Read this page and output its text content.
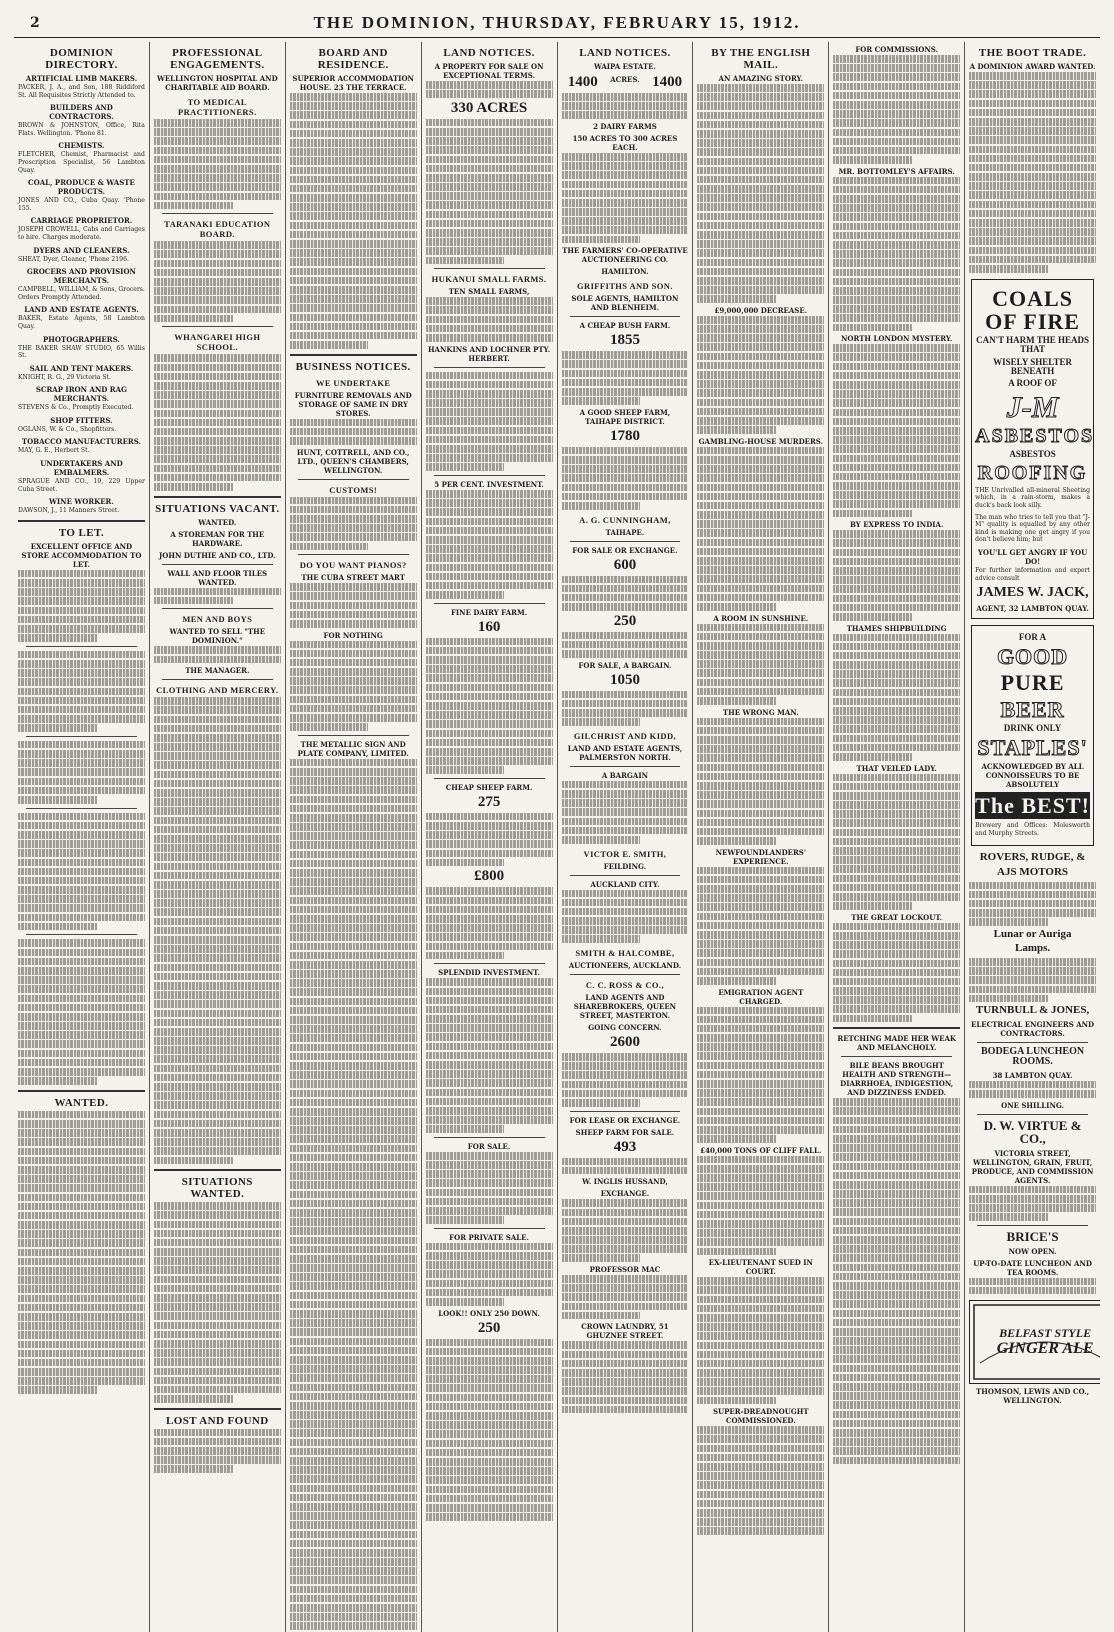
2	THE DOMINION, THURSDAY, FEBRUARY 15, 1912.
DOMINION DIRECTORY.
ARTIFICIAL LIMB MAKERS.

PACKER, J. A., and Son, 188 Riddiford St. All Requisites Strictly Attended to.

BUILDERS AND CONTRACTORS.

BROWN & JOHNSTON, Office, Rita Flats. Wellington. 'Phone 81.

CHEMISTS.

FLETCHER, Chemist, Pharmacist and Prescription Specialist, 56 Lambton Quay.

COAL, PRODUCE & WASTE PRODUCTS.

JONES AND CO., Cuba Quay. 'Phone 155.

CARRIAGE PROPRIETOR.

JOSEPH CROWELL, Cabs and Carriages to hire. Charges moderate.

DYERS AND CLEANERS.

SHEAT, Dyer, Cleaner, 'Phone 2196.

GROCERS AND PROVISION MERCHANTS.

CAMPBELL, WILLIAM, & Sons, Grocers. Orders Promptly Attended.

LAND AND ESTATE AGENTS.

BAKER, Estate Agents, 58 Lambton Quay.

PHOTOGRAPHERS.

THE BAKER SHAW STUDIO, 65 Willis St.

SAIL AND TENT MAKERS.

KNIGHT, R. G., 29 Victoria St.

SCRAP IRON AND RAG MERCHANTS.

STEVENS & Co., Promptly Executed.

SHOP FITTERS.

OGLANS, W. & Co., Shopfitters.

TOBACCO MANUFACTURERS.

MAY, G. E., Herbert St.

UNDERTAKERS AND EMBALMERS.

SPRAGUE AND CO., 19, 229 Upper Cuba Street.

WINE WORKER.

DAWSON, J., 11 Manners Street.

TO LET.
EXCELLENT OFFICE AND STORE ACCOMMODATION TO LET.
WANTED.
PROFESSIONAL ENGAGEMENTS.
WELLINGTON HOSPITAL AND CHARITABLE AID BOARD.
TO MEDICAL PRACTITIONERS.
TARANAKI EDUCATION BOARD.
WHANGAREI HIGH SCHOOL.
SITUATIONS VACANT.
WANTED.
A STOREMAN FOR THE HARDWARE.
JOHN DUTHIE AND CO., LTD.
WALL AND FLOOR TILES WANTED.
MEN AND BOYS
WANTED TO SELL "THE DOMINION."
THE MANAGER.
CLOTHING AND MERCERY.
SITUATIONS WANTED.
LOST AND FOUND
BOARD AND RESIDENCE.
SUPERIOR ACCOMMODATION HOUSE. 23 THE TERRACE.
BUSINESS NOTICES.
WE UNDERTAKE
FURNITURE REMOVALS AND STORAGE OF SAME IN DRY STORES.
HUNT, COTTRELL, AND CO., LTD., QUEEN'S CHAMBERS, WELLINGTON.
CUSTOMS!
DO YOU WANT PIANOS?
THE CUBA STREET MART
FOR NOTHING
THE METALLIC SIGN AND PLATE COMPANY, LIMITED.
LAND NOTICES.
A PROPERTY FOR SALE ON EXCEPTIONAL TERMS.
330 ACRES
HUKANUI SMALL FARMS.
TEN SMALL FARMS,
HANKINS AND LOCHNER PTY. HERBERT.
5 PER CENT. INVESTMENT.
FINE DAIRY FARM.
160
CHEAP SHEEP FARM.
275
£800
SPLENDID INVESTMENT.
FOR SALE.
FOR PRIVATE SALE.
LOOK!! ONLY 250 DOWN.
250
LAND NOTICES.
WAIPA ESTATE.
1400 ACRES. 1400
2 DAIRY FARMS
150 ACRES TO 300 ACRES EACH.
THE FARMERS' CO-OPERATIVE AUCTIONEERING CO.
HAMILTON.
GRIFFITHS AND SON.
SOLE AGENTS, HAMILTON AND BLENHEIM.
A CHEAP BUSH FARM.
1855
A GOOD SHEEP FARM, TAIHAPE DISTRICT.
1780
A. G. CUNNINGHAM,
TAIHAPE.
FOR SALE OR EXCHANGE.
600
250
FOR SALE, A BARGAIN.
1050
GILCHRIST AND KIDD,
LAND AND ESTATE AGENTS, PALMERSTON NORTH.
A BARGAIN
VICTOR E. SMITH,
FEILDING.
AUCKLAND CITY.
SMITH & HALCOMBE,
AUCTIONEERS, AUCKLAND.
C. C. ROSS & CO.,
LAND AGENTS AND SHAREBROKERS, QUEEN STREET, MASTERTON.
GOING CONCERN.
2600
FOR LEASE OR EXCHANGE.
SHEEP FARM FOR SALE.
493
W. INGLIS HUSSAND,
EXCHANGE.
PROFESSOR MAC
CROWN LAUNDRY, 51 GHUZNEE STREET.
BY THE ENGLISH MAIL.
AN AMAZING STORY.
£9,000,000 DECREASE.
GAMBLING-HOUSE MURDERS.
A ROOM IN SUNSHINE.
THE WRONG MAN.
NEWFOUNDLANDERS' EXPERIENCE.
EMIGRATION AGENT CHARGED.
£40,000 TONS OF CLIFF FALL.
EX-LIEUTENANT SUED IN COURT.
SUPER-DREADNOUGHT COMMISSIONED.
FOR COMMISSIONS.
MR. BOTTOMLEY'S AFFAIRS.
NORTH LONDON MYSTERY.
BY EXPRESS TO INDIA.
THAMES SHIPBUILDING
THAT VEILED LADY.
THE GREAT LOCKOUT.
RETCHING MADE HER WEAK AND MELANCHOLY.
BILE BEANS BROUGHT HEALTH AND STRENGTH—DIARRHOEA, INDIGESTION, AND DIZZINESS ENDED.
THE BOOT TRADE.
A DOMINION AWARD WANTED.
COALS OF FIRE
CAN'T HARM THE HEADS THAT
WISELY SHELTER BENEATH
A ROOF OF
J-M
ASBESTOS
ASBESTOS
ROOFING

THE Unrivalled all-mineral Sheeting which, in a rain-storm, makes a duck's back look silly.

The man who tries to tell you that "J-M" quality is equalled by any other kind is making one get angry if you don't believe him; but

YOU'LL GET ANGRY IF YOU DO!

For further information and expert advice consult

JAMES W. JACK,
AGENT, 32 LAMBTON QUAY.
FOR A
GOOD
PURE
BEER
DRINK ONLY
STAPLES'
ACKNOWLEDGED BY ALL CONNOISSEURS TO BE ABSOLUTELY
The BEST!

Brewery and Offices: Molesworth and Murphy Streets.

ROVERS, RUDGE, &
AJS MOTORS
Lunar or Auriga
Lamps.
TURNBULL & JONES,
ELECTRICAL ENGINEERS AND CONTRACTORS.
BODEGA LUNCHEON ROOMS.
38 LAMBTON QUAY.
ONE SHILLING.
D. W. VIRTUE & CO.,
VICTORIA STREET, WELLINGTON, GRAIN, FRUIT, PRODUCE, AND COMMISSION AGENTS.
BRICE'S
NOW OPEN.
UP-TO-DATE LUNCHEON AND TEA ROOMS.
BELFAST STYLE
GINGER ALE
THOMSON, LEWIS AND CO., WELLINGTON.
